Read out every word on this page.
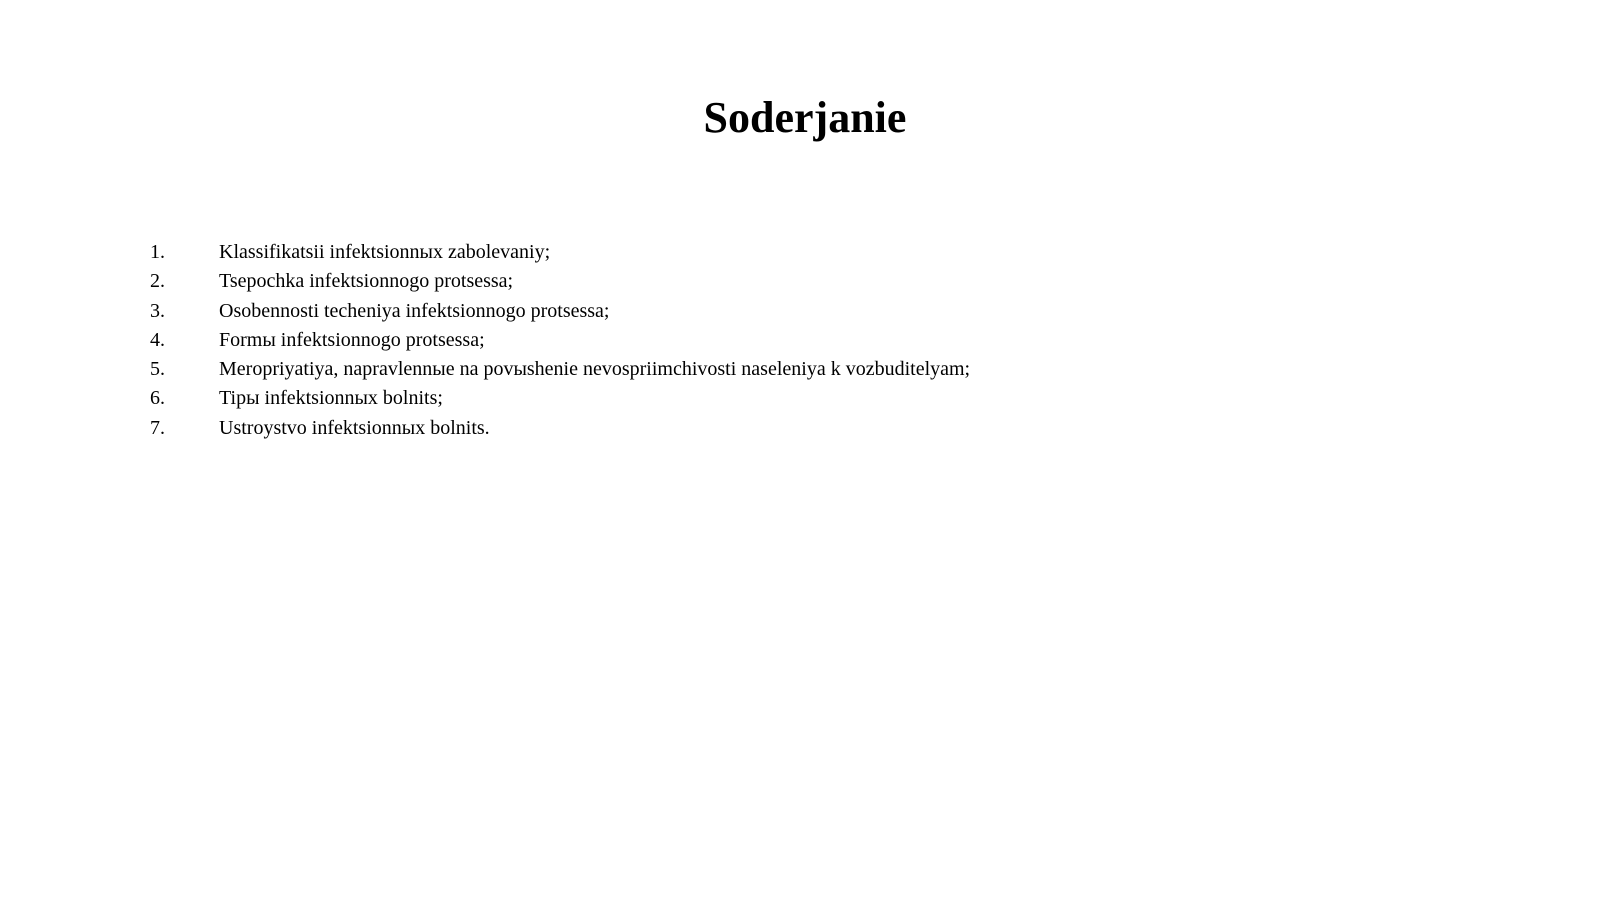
Soderjanie
1.	Klassifikatsii infektsionnых zabolevaniy;
2.	Tsepochka infektsionnogo protsessa;
3.	Osobennosti techeniya infektsionnogo protsessa;
4.	Formы infektsionnogo protsessa;
5.	Meropriyatiya, napravlennыe na povыshenie nevospriimchivosti naseleniya k vozbuditelyam;
6.	Tipы infektsionnых bolnits;
7.	Ustroystvo infektsionnых bolnits.
